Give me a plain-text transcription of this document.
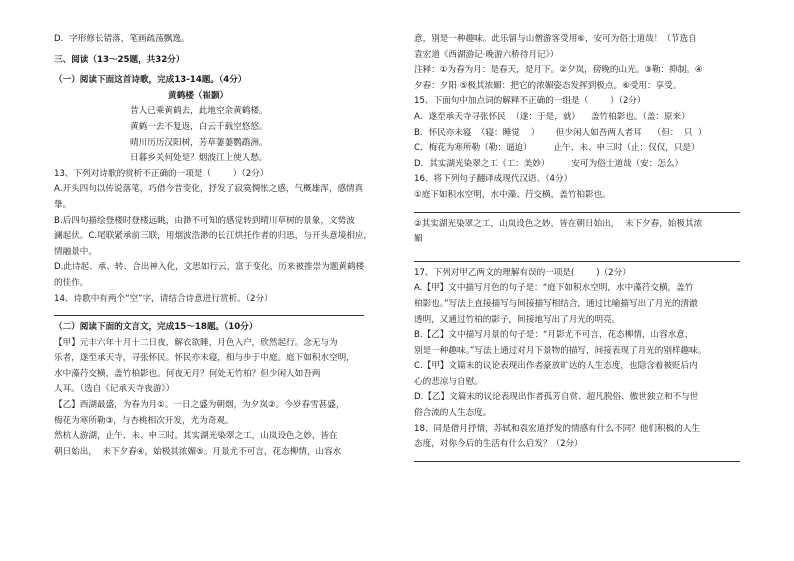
D．字形修长错落，笔画疏荡飘逸。

三、阅读（13～25题，共32分）

（一）阅读下面这首诗歌，完成13-14题。（4分）

黄鹤楼（崔颢）

昔人已乘黄鹤去，此地空余黄鹤楼。

黄鹤一去不复返，白云千载空悠悠。

晴川历历汉阳树，芳草萋萋鹦鹉洲。

日暮乡关何处是？烟波江上使人愁。

13、下列对诗歌的赏析不正确的一项是（        ）（2分）

A.开头四句以传说落笔，巧借今昔变化，抒发了寂寞惆怅之感，气概雄浑，感情真

挚。

B.后四句描绘登楼时登楼远眺，由渺不可知的感觉转到晴川草树的景象，文势波

澜起伏。C.尾联紧承前三联，用烟波浩渺的长江烘托作者的归思，与开头意境相应，

情融景中。

D.此诗起、承、转、合出神入化，文思如行云，富于变化，历来被推崇为题黄鹤楼

的佳作。

14、诗歌中有两个“空”字，请结合诗意进行赏析。（2分）

（二）阅读下面的文言文，完成15～18题。（10分）

【甲】元丰六年十月十二日夜，解衣欲睡，月色入户，欣然起行。念无与为

乐者，遂至承天寺，寻张怀民。怀民亦未寝，相与步于中庭。庭下如积水空明，

水中藻荇交横，盖竹柏影也。何夜无月？何处无竹柏？但少闲人如吾两

人耳。（选自《记承天寺夜游》）

【乙】西湖最盛，为春为月①。一日之盛为朝烟，为夕岚②。今岁春雪甚盛，

梅花为寒所勒③，与杏桃相次开发，尤为奇观。

然杭人游湖，止午、未、申三时。其实湖光染翠之工，山岚设色之妙，皆在

朝日始出，  未下夕舂④，始极其浓媚⑤。月景尤不可言，花态柳情，山容水

意，别是一种趣味。此乐留与山僧游客受用⑥，安可为俗士道哉！（节选自

袁宏道《西湖游记·晚游六桥待月记》）

注释：①为春为月：是春天，是月下。②夕岚，傍晚的山光。③勒：抑制。④

夕舂：夕阳 ⑤极其浓媚：把它的浓媚姿态发挥到极点。⑥受用：享受。

15、下面句中加点词的解释不正确的一组是（        ）（2分）

A．遂至承天寺寻张怀民  （遂：于是，就）    盖竹柏影也。（盖：原来）

B．怀民亦未寝  （寝：睡觉    ）      但少闲人如吾两人者耳    （但：  只  ）

C．梅花为寒所勒（勒：逼迫）        止午、未、申三时（止：仅仅，只是）

D．其实湖光染翠之工（工：美妙）        安可为俗士道哉（安：怎么）

16、将下列句子翻译成现代汉语。（4分）

①庭下如积水空明，水中藻、荇交横，盖竹柏影也。

②其实湖光染翠之工，山岚设色之妙，皆在朝日始出，  未下夕舂，始极其浓

媚

17、下列对甲乙两文的理解有误的一项是(        )（2分）

A.【甲】文中描写月色的句子是：“庭下如积水空明，水中藻荇交横，盖竹

柏影也。”写法上直接描写与间接描写相结合，通过比喻描写出了月光的清澈

透明，又通过竹柏的影子，间接地写出了月光的明亮。

B.【乙】文中描写月景的句子是：“月影尤不可言，花态柳情，山容水意，

别是一种趣味。”写法上通过对月下景物的描写，间接表现了月光的别样趣味。

C.【甲】文篇末的议论表现出作者豪放旷达的人生态度，也隐含着被贬后内

心的悲凉与自慰。

D.【乙】文篇末的议论表现出作者孤芳自赏、超凡脱俗、傲世独立和不与世

俗合流的人生态度。

18、同是借月抒情，苏轼和袁宏道抒发的情感有什么不同？他们积极的人生

态度，对你今后的生活有什么启发？（2分）
